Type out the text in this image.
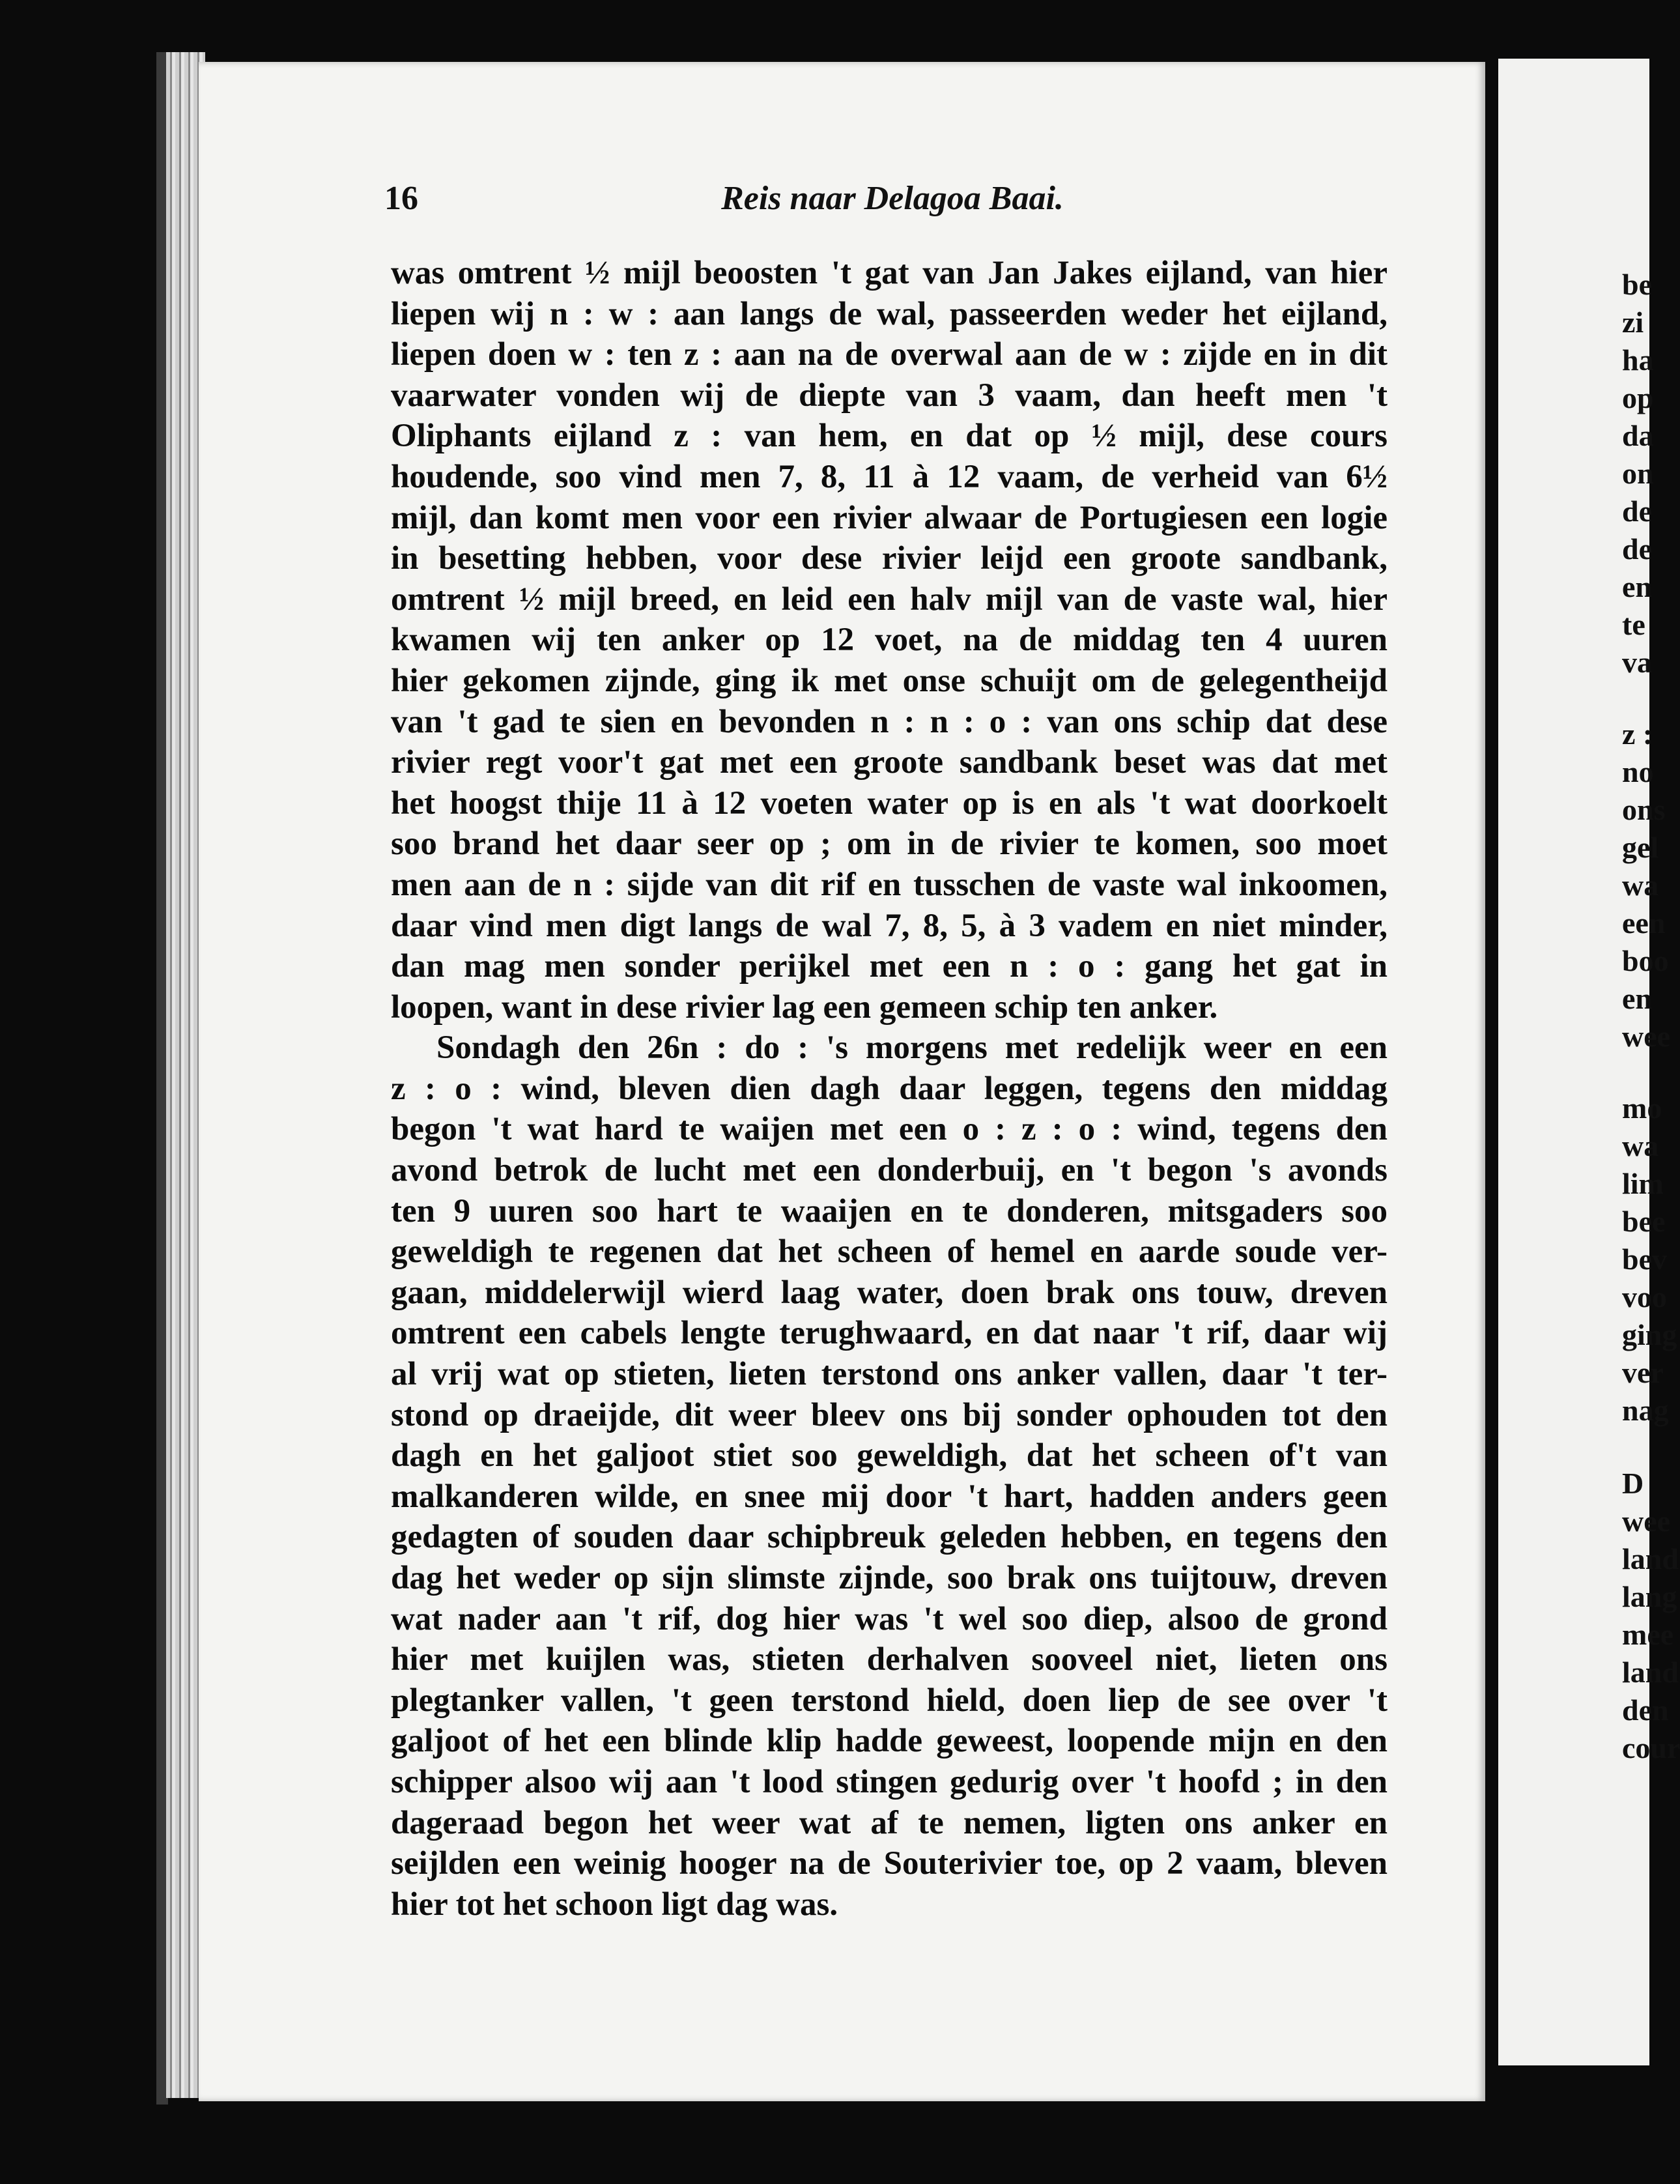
16	Reis naar Delagoa Baai.
was omtrent ½ mijl beoosten 't gat van Jan Jakes eijland, van hier
liepen wij n : w : aan langs de wal, passeerden weder het eijland,
liepen doen w : ten z : aan na de overwal aan de w : zijde en in dit
vaarwater vonden wij de diepte van 3 vaam, dan heeft men 't
Oliphants eijland z : van hem, en dat op ½ mijl, dese cours
houdende, soo vind men 7, 8, 11 à 12 vaam, de verheid van 6½
mijl, dan komt men voor een rivier alwaar de Portugiesen een logie
in besetting hebben, voor dese rivier leijd een groote sandbank,
omtrent ½ mijl breed, en leid een halv mijl van de vaste wal, hier
kwamen wij ten anker op 12 voet, na de middag ten 4 uuren
hier gekomen zijnde, ging ik met onse schuijt om de gelegentheijd
van 't gad te sien en bevonden n : n : o : van ons schip dat dese
rivier regt voor't gat met een groote sandbank beset was dat met
het hoogst thije 11 à 12 voeten water op is en als 't wat doorkoelt
soo brand het daar seer op ; om in de rivier te komen, soo moet
men aan de n : sijde van dit rif en tusschen de vaste wal inkoomen,
daar vind men digt langs de wal 7, 8, 5, à 3 vadem en niet minder,
dan mag men sonder perijkel met een n : o : gang het gat in
loopen, want in dese rivier lag een gemeen schip ten anker.
Sondagh den 26n : do : 's morgens met redelijk weer en een
z : o : wind, bleven dien dagh daar leggen, tegens den middag
begon 't wat hard te waijen met een o : z : o : wind, tegens den
avond betrok de lucht met een donderbuij, en 't begon 's avonds
ten 9 uuren soo hart te waaijen en te donderen, mitsgaders soo
geweldigh te regenen dat het scheen of hemel en aarde soude ver-
gaan, middelerwijl wierd laag water, doen brak ons touw, dreven
omtrent een cabels lengte terughwaard, en dat naar 't rif, daar wij
al vrij wat op stieten, lieten terstond ons anker vallen, daar 't ter-
stond op draeijde, dit weer bleev ons bij sonder ophouden tot den
dagh en het galjoot stiet soo geweldigh, dat het scheen of't van
malkanderen wilde, en snee mij door 't hart, hadden anders geen
gedagten of souden daar schipbreuk geleden hebben, en tegens den
dag het weder op sijn slimste zijnde, soo brak ons tuijtouw, dreven
wat nader aan 't rif, dog hier was 't wel soo diep, alsoo de grond
hier met kuijlen was, stieten derhalven sooveel niet, lieten ons
plegtanker vallen, 't geen terstond hield, doen liep de see over 't
galjoot of het een blinde klip hadde geweest, loopende mijn en den
schipper alsoo wij aan 't lood stingen gedurig over 't hoofd ; in den
dageraad begon het weer wat af te nemen, ligten ons anker en
seijlden een weinig hooger na de Souterivier toe, op 2 vaam, bleven
hier tot het schoon ligt dag was.
be
zi
ha
op
da
on
de
de
en
te
va
z :
no
ons
gel
wa
een
boo
en
wee
mo
wa
lim
bee
bev
voo
ging
ver
nag
D
wee
land
lang
mee
land
den
cour
